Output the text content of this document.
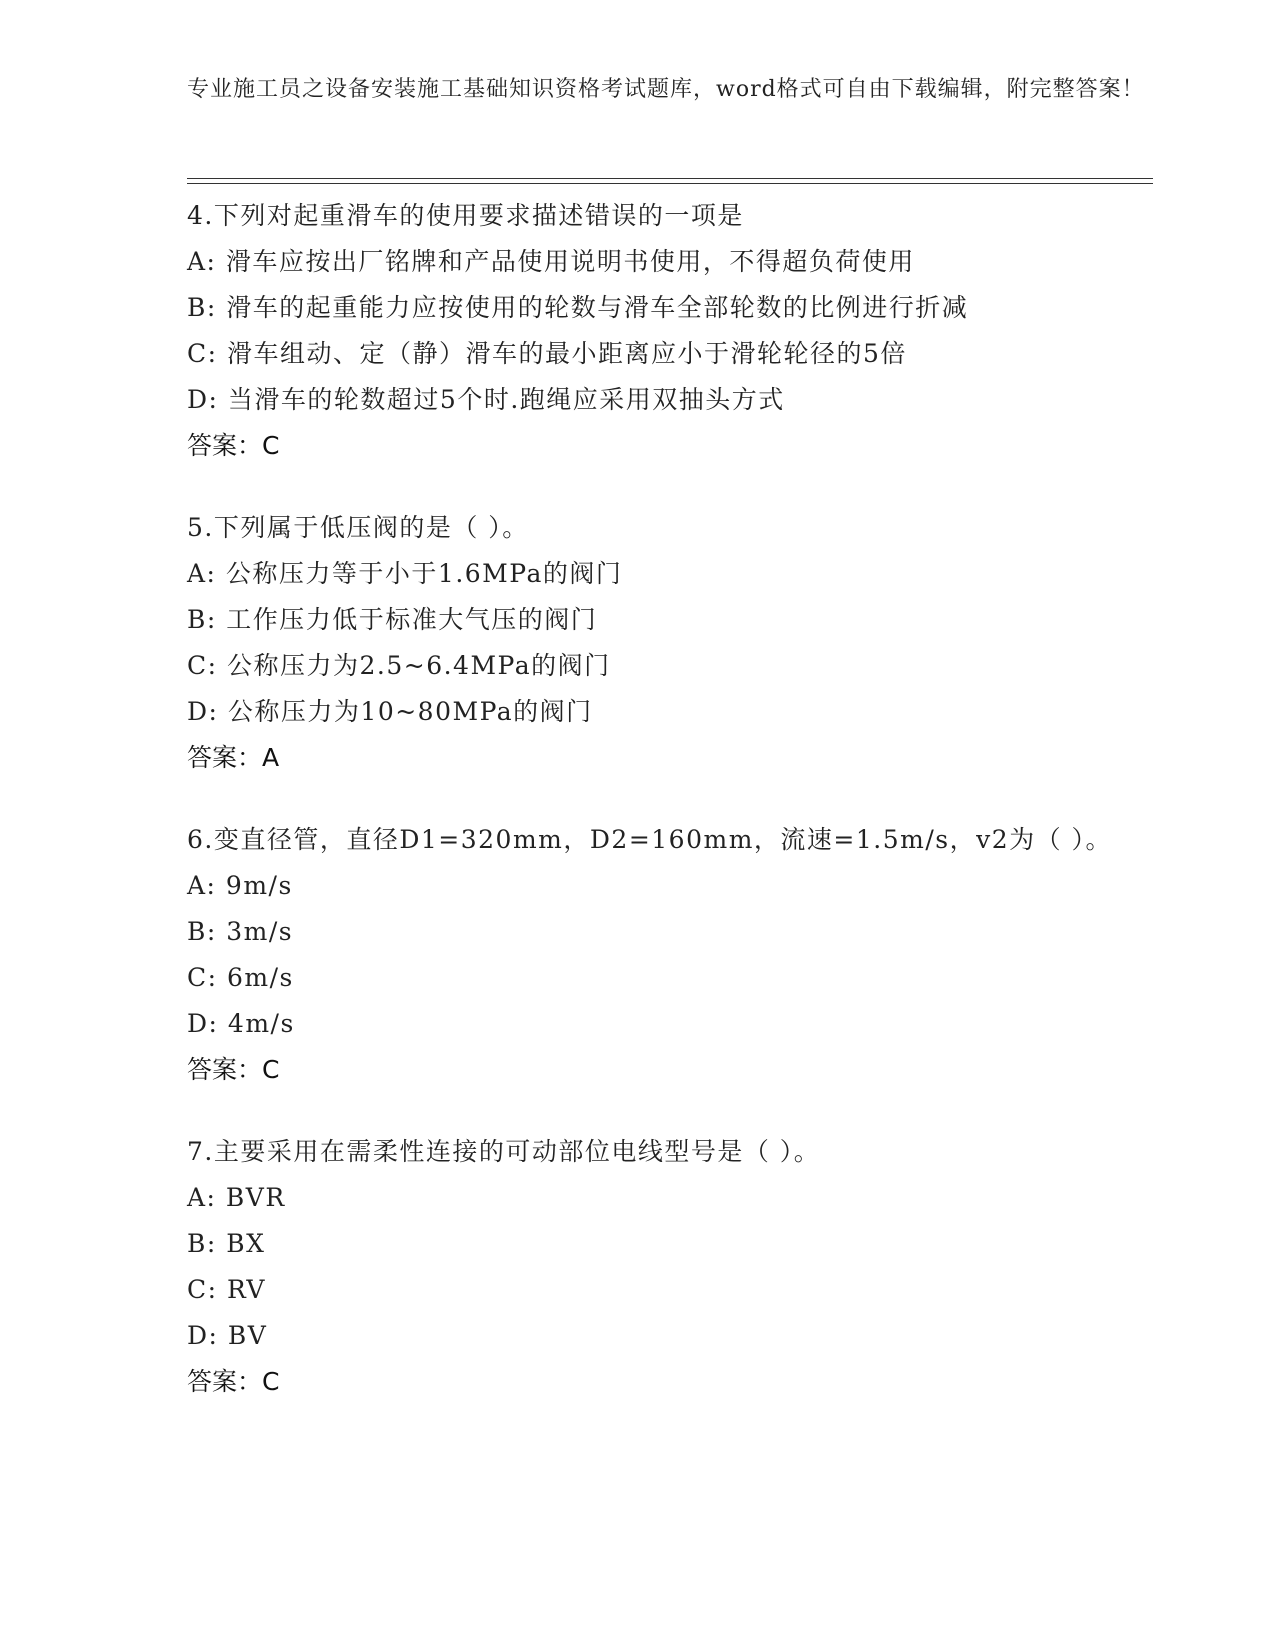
专业施工员之设备安装施工基础知识资格考试题库，word格式可自由下载编辑，附完整答案！
4.下列对起重滑车的使用要求描述错误的一项是
A: 滑车应按出厂铭牌和产品使用说明书使用，不得超负荷使用
B: 滑车的起重能力应按使用的轮数与滑车全部轮数的比例进行折减
C: 滑车组动、定（静）滑车的最小距离应小于滑轮轮径的5倍
D: 当滑车的轮数超过5个时.跑绳应采用双抽头方式
答案：C
5.下列属于低压阀的是（ ）。
A: 公称压力等于小于1.6MPa的阀门
B: 工作压力低于标准大气压的阀门
C: 公称压力为2.5~6.4MPa的阀门
D: 公称压力为10~80MPa的阀门
答案：A
6.变直径管，直径D1=320mm，D2=160mm，流速=1.5m/s，v2为（ ）。
A: 9m/s
B: 3m/s
C: 6m/s
D: 4m/s
答案：C
7.主要采用在需柔性连接的可动部位电线型号是（ ）。
A: BVR
B: BX
C: RV
D: BV
答案：C
